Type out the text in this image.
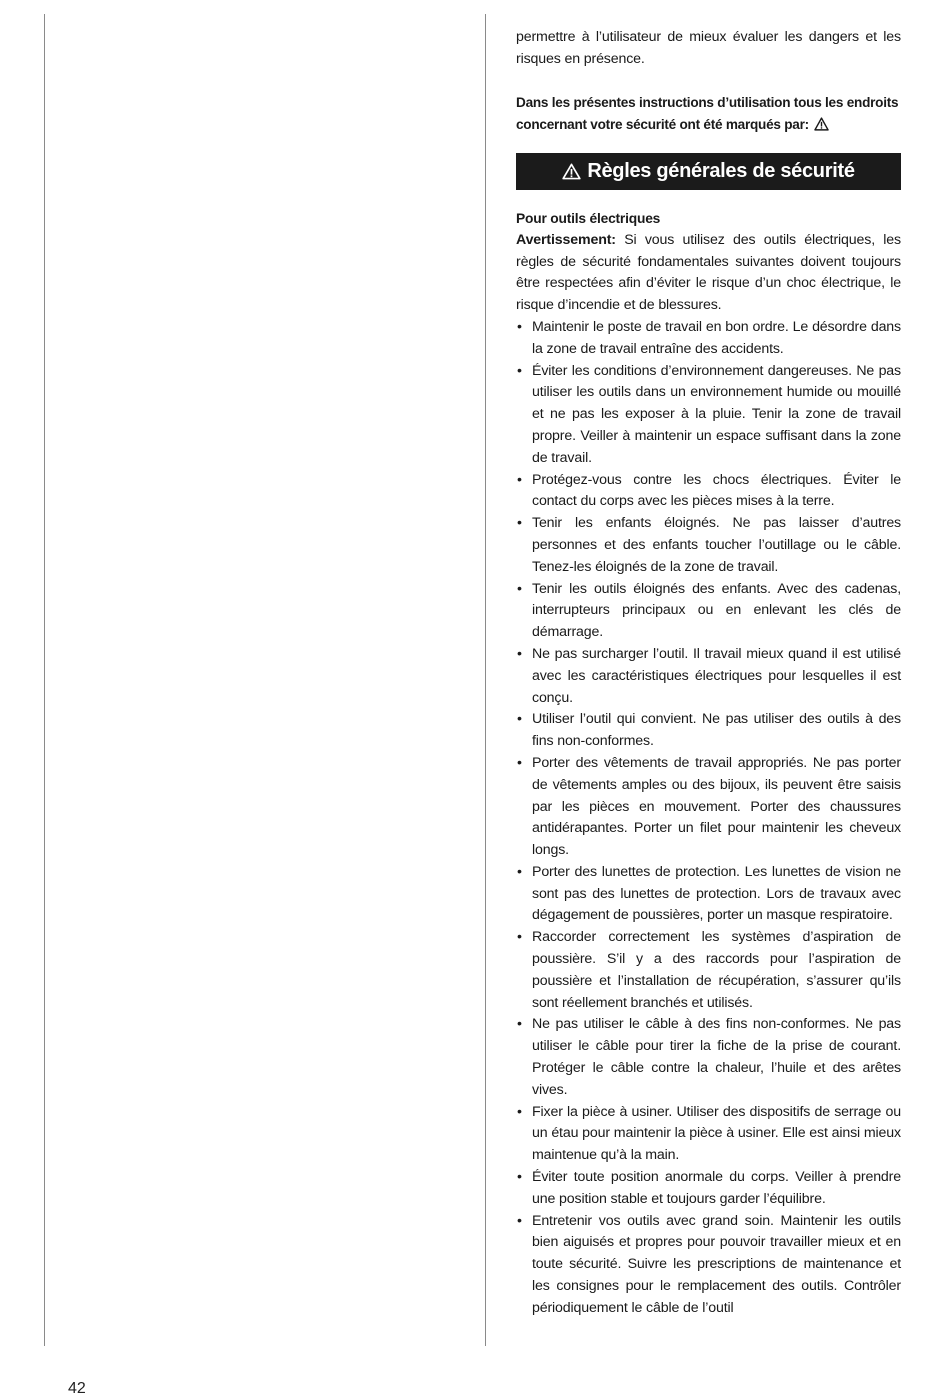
permettre à l’utilisateur de mieux évaluer les dangers et les risques en présence.

Dans les présentes instructions d’utilisation tous les endroits concernant votre sécurité ont été marqués par:

Règles générales de sécurité

Pour outils électriques

Avertissement: Si vous utilisez des outils électriques, les règles de sécurité fondamentales suivantes doivent toujours être respectées afin d’éviter le risque d’un choc électrique, le risque d’incendie et de blessures.

• Maintenir le poste de travail en bon ordre. Le désordre dans la zone de travail entraîne des accidents.
• Éviter les conditions d’environnement dangereuses. Ne pas utiliser les outils dans un environnement humide ou mouillé et ne pas les exposer à la pluie. Tenir la zone de travail propre. Veiller à maintenir un espace suffisant dans la zone de travail.
• Protégez-vous contre les chocs électriques. Éviter le contact du corps avec les pièces mises à la terre.
• Tenir les enfants éloignés. Ne pas laisser d’autres personnes et des enfants toucher l’outillage ou le câble. Tenez-les éloignés de la zone de travail.
• Tenir les outils éloignés des enfants. Avec des cadenas, interrupteurs principaux ou en enlevant les clés de démarrage.
• Ne pas surcharger l’outil. Il travail mieux quand il est utilisé avec les caractéristiques électriques pour lesquelles il est conçu.
• Utiliser l’outil qui convient. Ne pas utiliser des outils à des fins non-conformes.
• Porter des vêtements de travail appropriés. Ne pas porter de vêtements amples ou des bijoux, ils peuvent être saisis par les pièces en mouvement. Porter des chaussures antidérapantes. Porter un filet pour maintenir les cheveux longs.
• Porter des lunettes de protection. Les lunettes de vision ne sont pas des lunettes de protection. Lors de travaux avec dégagement de poussières, porter un masque respiratoire.
• Raccorder correctement les systèmes d’aspiration de poussière. S’il y a des raccords pour l’aspiration de poussière et l’installation de récupération, s’assurer qu’ils sont réellement branchés et utilisés.
• Ne pas utiliser le câble à des fins non-conformes. Ne pas utiliser le câble pour tirer la fiche de la prise de courant. Protéger le câble contre la chaleur, l’huile et des arêtes vives.
• Fixer la pièce à usiner. Utiliser des dispositifs de serrage ou un étau pour maintenir la pièce à usiner. Elle est ainsi mieux maintenue qu’à la main.
• Éviter toute position anormale du corps. Veiller à prendre une position stable et toujours garder l’équilibre.
• Entretenir vos outils avec grand soin. Maintenir les outils bien aiguisés et propres pour pouvoir travailler mieux et en toute sécurité. Suivre les prescriptions de maintenance et les consignes pour le remplacement des outils. Contrôler périodiquement le câble de l’outil
42
